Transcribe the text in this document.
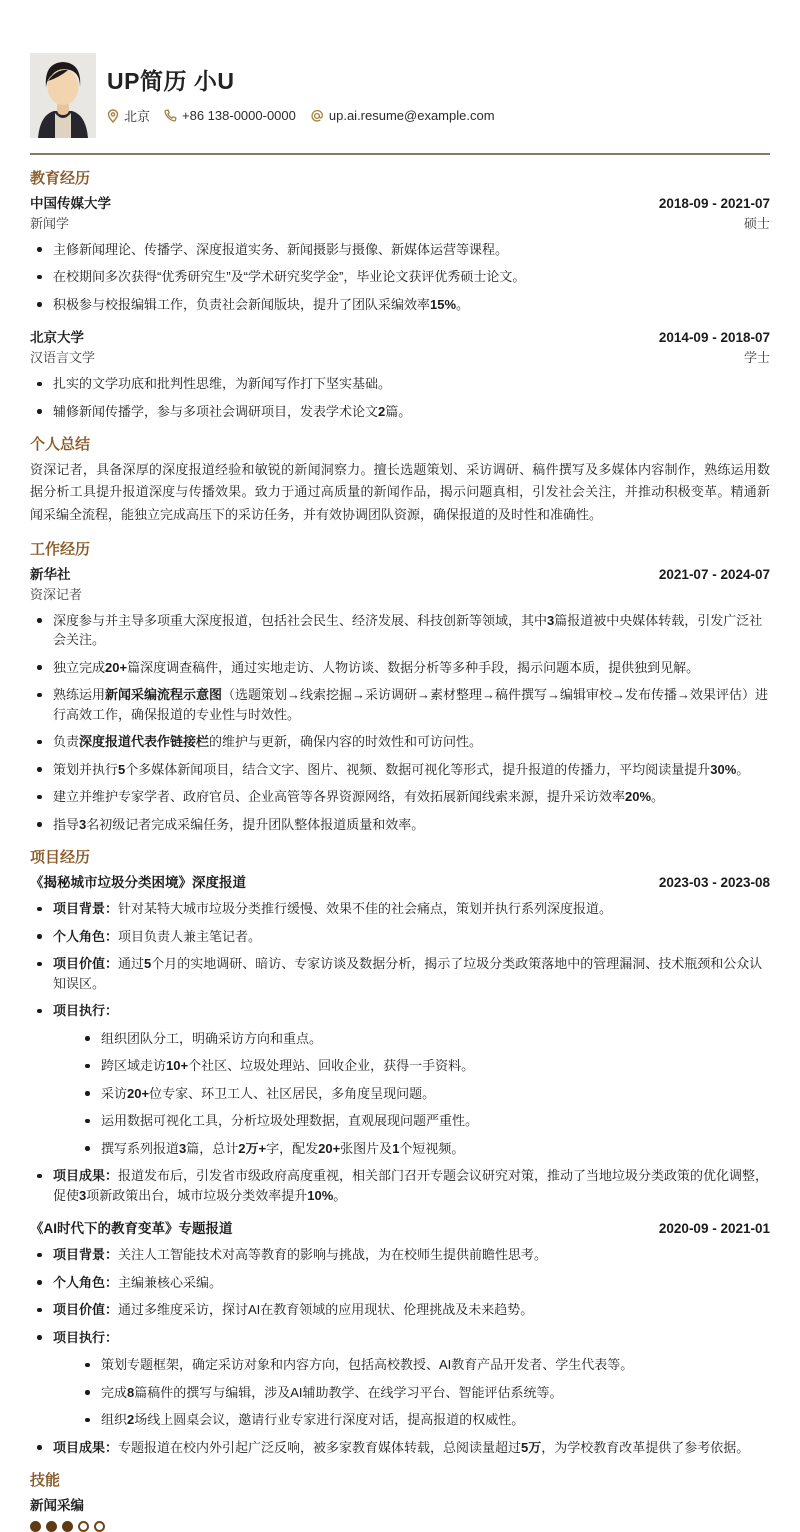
UP简历 小U
北京 +86 138-0000-0000	up.ai.resume@example.com
教育经历
中国传媒大学	2018-09 - 2021-07
新闻学	硕士
主修新闻理论、传播学、深度报道实务、新闻摄影与摄像、新媒体运营等课程。
在校期间多次获得“优秀研究生”及“学术研究奖学金”，毕业论文获评优秀硕士论文。
积极参与校报编辑工作，负责社会新闻版块，提升了团队采编效率15%。
北京大学	2014-09 - 2018-07
汉语言文学	学士
扎实的文学功底和批判性思维，为新闻写作打下坚实基础。
辅修新闻传播学，参与多项社会调研项目，发表学术论文2篇。
个人总结

资深记者，具备深厚的深度报道经验和敏锐的新闻洞察力。擅长选题策划、采访调研、稿件撰写及多媒体内容制作，熟练运用数据分析工具提升报道深度与传播效果。致力于通过高质量的新闻作品，揭示问题真相，引发社会关注，并推动积极变革。精通新闻采编全流程，能独立完成高压下的采访任务，并有效协调团队资源，确保报道的及时性和准确性。

工作经历
新华社	2021-07 - 2024-07
资深记者
深度参与并主导多项重大深度报道，包括社会民生、经济发展、科技创新等领域，其中3篇报道被中央媒体转载，引发广泛社会关注。
独立完成20+篇深度调查稿件，通过实地走访、人物访谈、数据分析等多种手段，揭示问题本质，提供独到见解。
熟练运用新闻采编流程示意图（选题策划→线索挖掘→采访调研→素材整理→稿件撰写→编辑审校→发布传播→效果评估）进行高效工作，确保报道的专业性与时效性。
负责深度报道代表作链接栏的维护与更新，确保内容的时效性和可访问性。
策划并执行5个多媒体新闻项目，结合文字、图片、视频、数据可视化等形式，提升报道的传播力，平均阅读量提升30%。
建立并维护专家学者、政府官员、企业高管等各界资源网络，有效拓展新闻线索来源，提升采访效率20%。
指导3名初级记者完成采编任务，提升团队整体报道质量和效率。
项目经历
《揭秘城市垃圾分类困境》深度报道	2023-03 - 2023-08
项目背景：针对某特大城市垃圾分类推行缓慢、效果不佳的社会痛点，策划并执行系列深度报道。
个人角色：项目负责人兼主笔记者。
项目价值：通过5个月的实地调研、暗访、专家访谈及数据分析，揭示了垃圾分类政策落地中的管理漏洞、技术瓶颈和公众认知误区。
项目执行：
组织团队分工，明确采访方向和重点。
跨区域走访10+个社区、垃圾处理站、回收企业，获得一手资料。
采访20+位专家、环卫工人、社区居民，多角度呈现问题。
运用数据可视化工具，分析垃圾处理数据，直观展现问题严重性。
撰写系列报道3篇，总计2万+字，配发20+张图片及1个短视频。
项目成果：报道发布后，引发省市级政府高度重视，相关部门召开专题会议研究对策，推动了当地垃圾分类政策的优化调整，促使3项新政策出台，城市垃圾分类效率提升10%。
《AI时代下的教育变革》专题报道	2020-09 - 2021-01
项目背景：关注人工智能技术对高等教育的影响与挑战，为在校师生提供前瞻性思考。
个人角色：主编兼核心采编。
项目价值：通过多维度采访，探讨AI在教育领域的应用现状、伦理挑战及未来趋势。
项目执行：
策划专题框架，确定采访对象和内容方向，包括高校教授、AI教育产品开发者、学生代表等。
完成8篇稿件的撰写与编辑，涉及AI辅助教学、在线学习平台、智能评估系统等。
组织2场线上圆桌会议，邀请行业专家进行深度对话，提高报道的权威性。
项目成果：专题报道在校内外引起广泛反响，被多家教育媒体转载，总阅读量超过5万，为学校教育改革提供了参考依据。
技能
新闻采编
